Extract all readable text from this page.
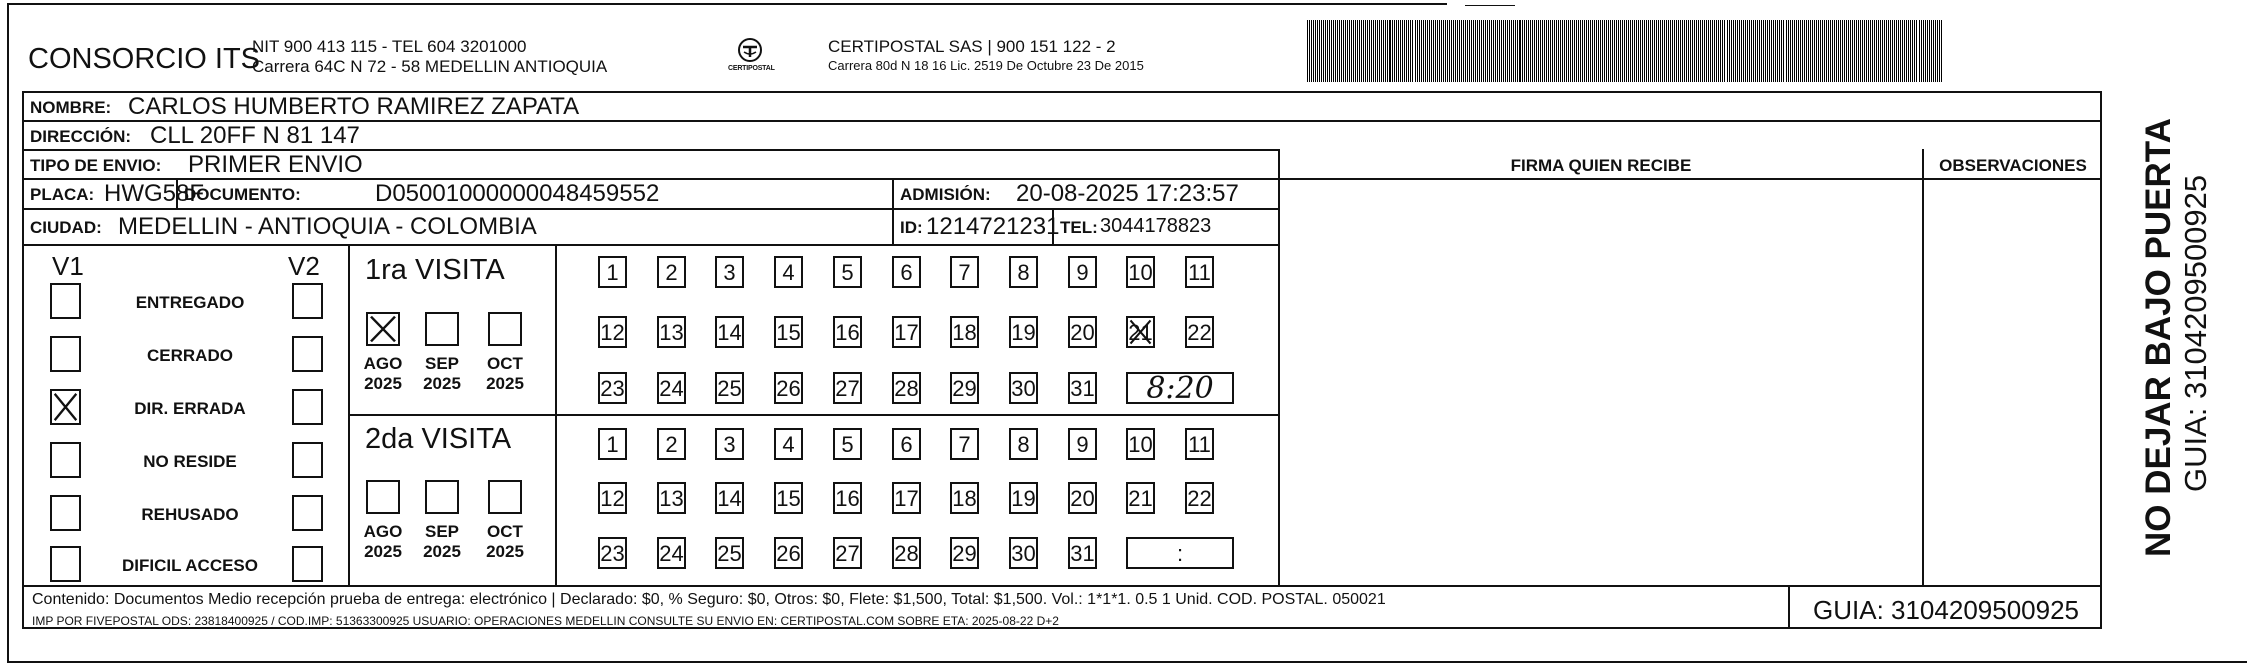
CONSORCIO ITS
NIT 900 413 115 - TEL 604 3201000
Carrera 64C N 72 - 58 MEDELLIN ANTIOQUIA	CERTIPOSTAL
CERTIPOSTAL SAS | 900 151 122 - 2
Carrera 80d N 18 16 Lic. 2519 De Octubre 23 De 2015
NOMBRE: CARLOS HUMBERTO RAMIREZ ZAPATA
DIRECCIÓN: CLL 20FF N 81 147
TIPO DE ENVIO: PRIMER ENVIO
PLACA: HWG58F
DOCUMENTO:	D05001000000048459552	ADMISIÓN: 20-08-2025 17:23:57
CIUDAD: MEDELLIN - ANTIOQUIA - COLOMBIA	ID: 1214721231 TEL: 3044178823
FIRMA QUIEN RECIBE	OBSERVACIONES
V1	V2
ENTREGADO
CERRADO
DIR. ERRADA
NO RESIDE
REHUSADO
DIFICIL ACCESO
1ra VISITA
AGO
2025
SEP
2025
OCT
2025
1	2	3	4	5	6	7	8	9	10 11
12 13 14 15 16 17 18 19 20 21 22
23 24 25 26 27 28 29 30 31	8:20
2da VISITA
AGO
2025
SEP
2025
OCT
2025
1	2	3	4	5	6	7	8	9	10 11
12 13 14 15 16 17 18 19 20 21 22
23 24 25 26 27 28 29 30 31	:
Contenido: Documentos Medio recepción prueba de entrega: electrónico | Declarado: $0, % Seguro: $0, Otros: $0, Flete: $1,500, Total: $1,500. Vol.: 1*1*1. 0.5 1 Unid. COD. POSTAL. 050021
IMP POR FIVEPOSTAL ODS: 23818400925 / COD.IMP: 51363300925 USUARIO: OPERACIONES MEDELLIN CONSULTE SU ENVIO EN: CERTIPOSTAL.COM SOBRE ETA: 2025-08-22 D+2	GUIA: 3104209500925
NO DEJAR BAJO PUERTA GUIA: 3104209500925
